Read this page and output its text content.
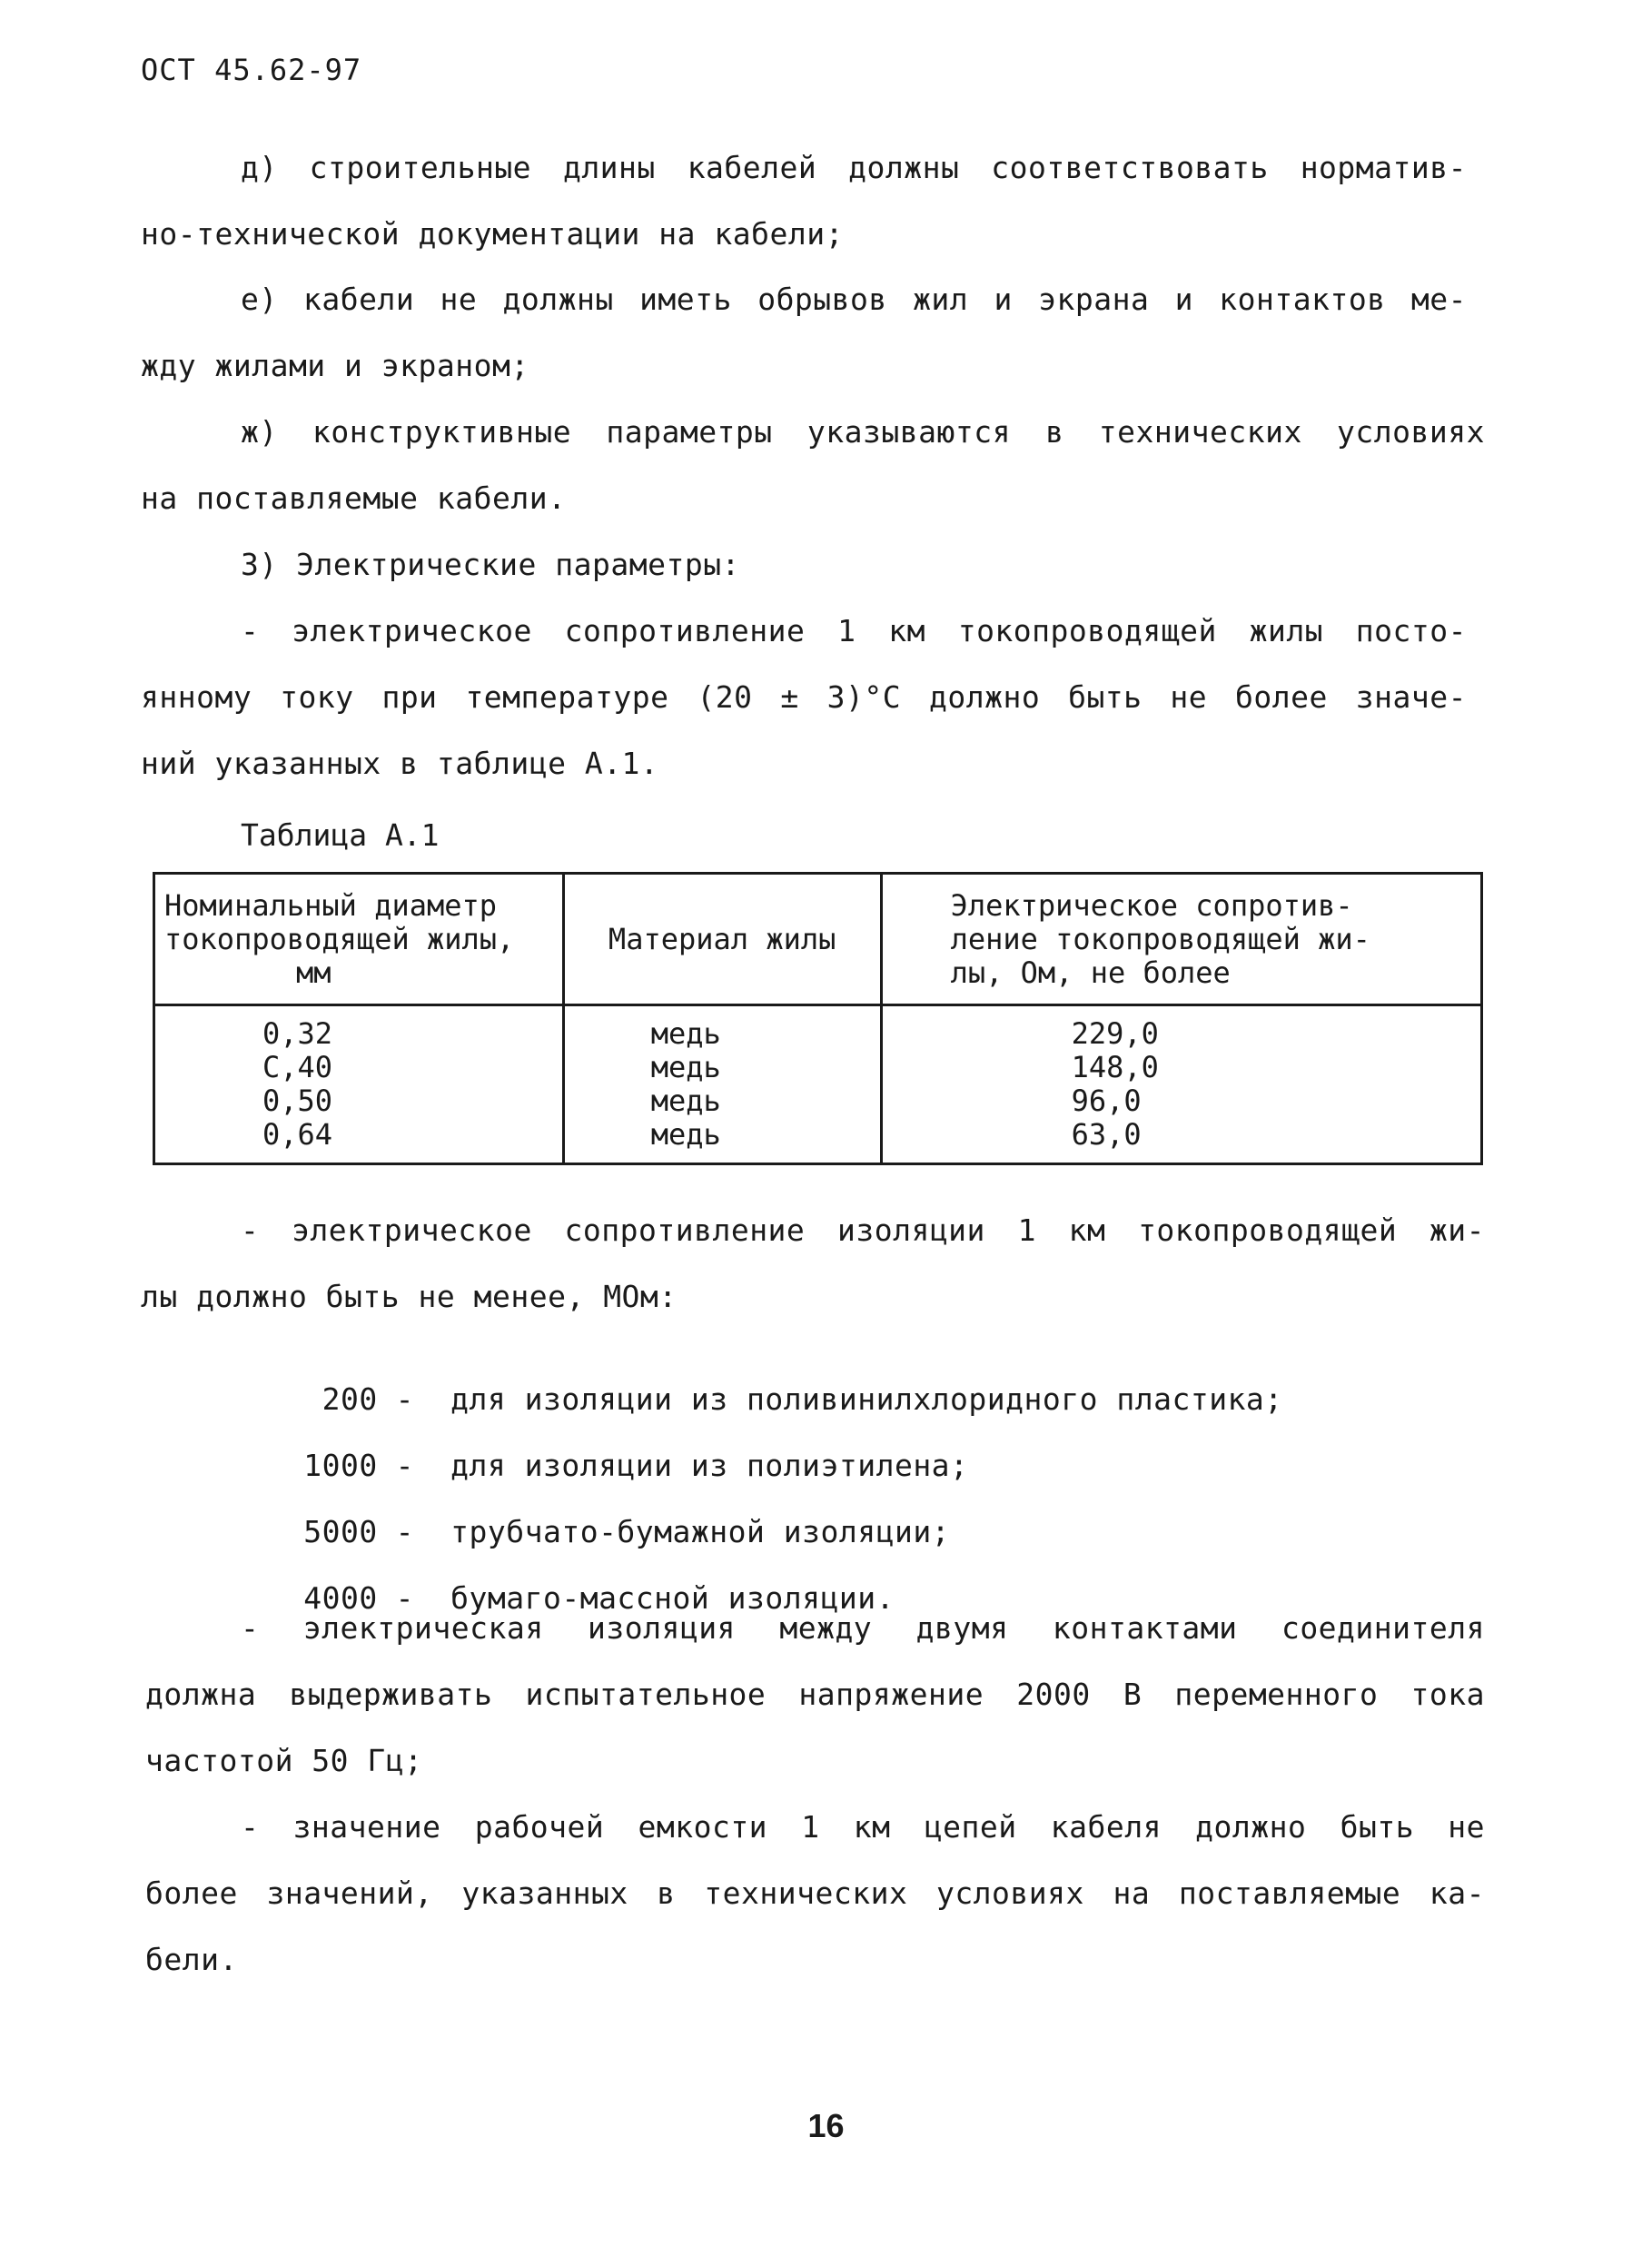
ОСТ 45.62-97
д) строительные длины кабелей должны соответствовать норматив-
но-технической документации на кабели;
е) кабели не должны иметь обрывов жил и экрана и контактов ме-
жду жилами и экраном;
ж) конструктивные параметры указываются в технических условиях
на поставляемые кабели.
3) Электрические параметры:
- электрическое сопротивление 1 км токопроводящей жилы посто-
янному току при температуре (20 ± 3)°С должно быть не более значе-
ний указанных в таблице А.1.
Таблица А.1
Номинальный диаметр
токопроводящей жилы,
мм	Материал жилы	Электрическое сопротив-
ление токопроводящей жи-
лы, Ом, не более

0,32	медь	229,0
С,40	медь	148,0
0,50	медь	96,0
0,64	медь	63,0
- электрическое сопротивление изоляции 1 км токопроводящей жи-
лы должно быть не менее, МОм:

200 - для изоляции из поливинилхлоридного пластика;

1000 - для изоляции из полиэтилена;

5000 - трубчато-бумажной изоляции;

4000 - бумаго-массной изоляции.

- электрическая изоляция между двумя контактами соединителя
должна выдерживать испытательное напряжение 2000 В переменного тока
частотой 50 Гц;
- значение рабочей емкости 1 км цепей кабеля должно быть не
более значений, указанных в технических условиях на поставляемые ка-
бели.
16
